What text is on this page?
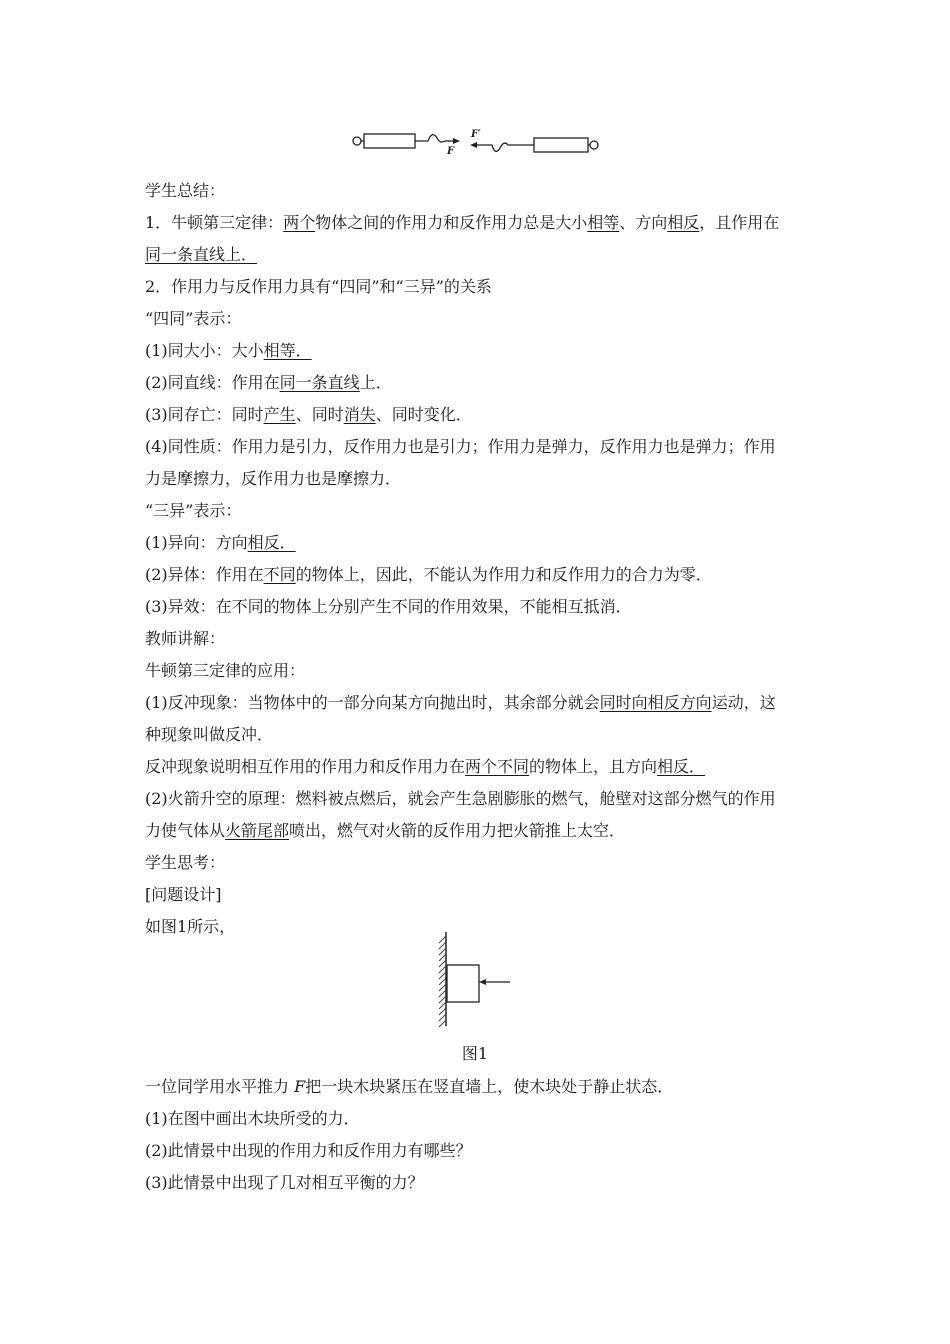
F
F′
学生总结：
1．牛顿第三定律：两个物体之间的作用力和反作用力总是大小相等、方向相反，且作用在
同一条直线上．
2．作用力与反作用力具有“四同”和“三异”的关系
“四同”表示：
(1)同大小：大小相等．
(2)同直线：作用在同一条直线上．
(3)同存亡：同时产生、同时消失、同时变化．
(4)同性质：作用力是引力，反作用力也是引力；作用力是弹力，反作用力也是弹力；作用
力是摩擦力，反作用力也是摩擦力．
“三异”表示：
(1)异向：方向相反．
(2)异体：作用在不同的物体上，因此，不能认为作用力和反作用力的合力为零．
(3)异效：在不同的物体上分别产生不同的作用效果，不能相互抵消．
教师讲解：
牛顿第三定律的应用：
(1)反冲现象：当物体中的一部分向某方向抛出时，其余部分就会同时向相反方向运动，这
种现象叫做反冲．
反冲现象说明相互作用的作用力和反作用力在两个不同的物体上，且方向相反．
(2)火箭升空的原理：燃料被点燃后，就会产生急剧膨胀的燃气，舱壁对这部分燃气的作用
力使气体从火箭尾部喷出，燃气对火箭的反作用力把火箭推上太空．
学生思考：
[问题设计]
如图1所示，
图1
一位同学用水平推力 F把一块木块紧压在竖直墙上，使木块处于静止状态．
(1)在图中画出木块所受的力．
(2)此情景中出现的作用力和反作用力有哪些？
(3)此情景中出现了几对相互平衡的力？
